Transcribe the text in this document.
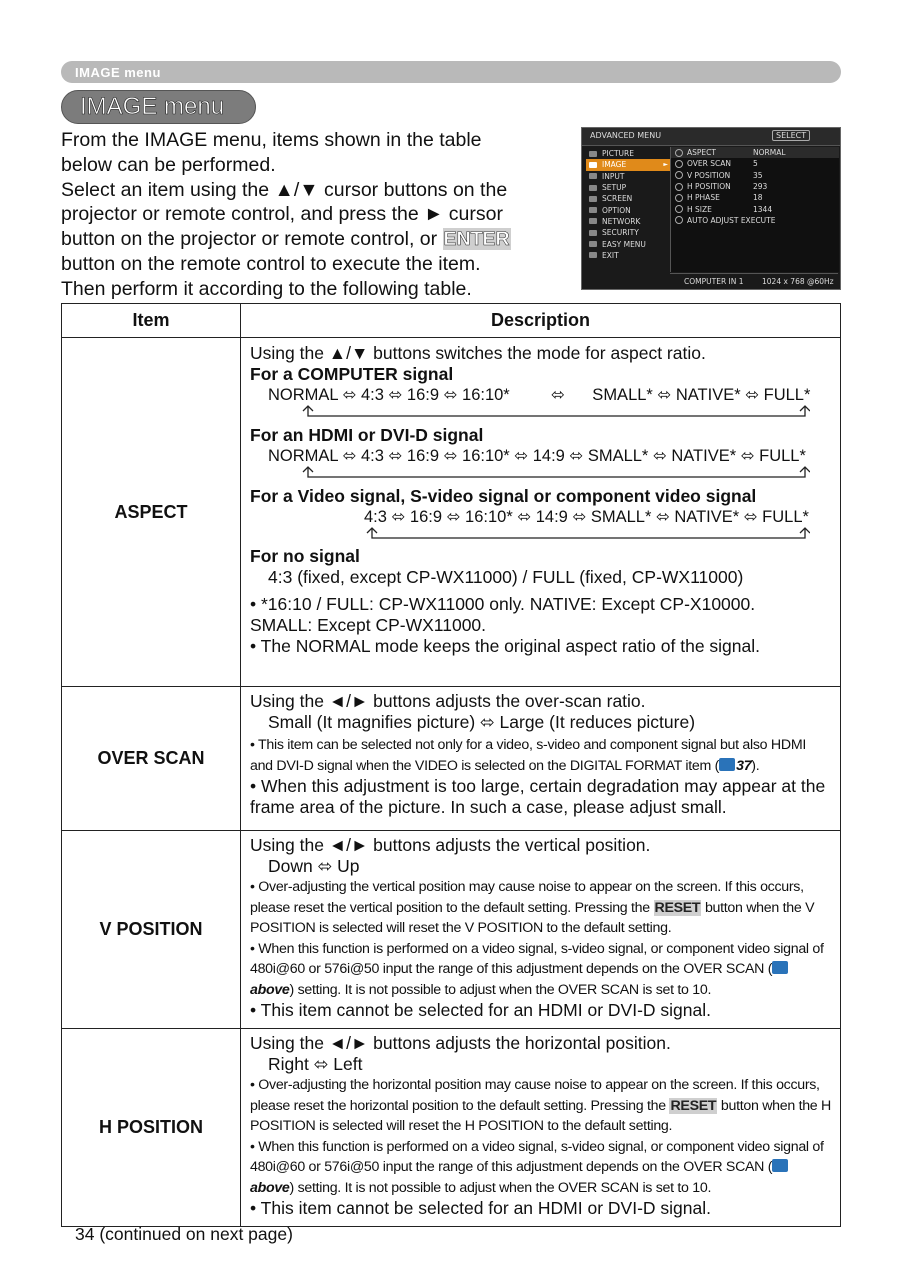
IMAGE menu
IMAGE menu
From the IMAGE menu, items shown in the table
below can be performed.
Select an item using the ▲/▼ cursor buttons on the
projector or remote control, and press the ► cursor
button on the projector or remote control, or ENTER
button on the remote control to execute the item.
Then perform it according to the following table.
ADVANCED MENU	SELECT
PICTURE
IMAGE	►
INPUT
SETUP
SCREEN
OPTION
NETWORK
SECURITY
EASY MENU
EXIT
ASPECT	NORMAL
OVER SCAN	5
V POSITION	35
H POSITION	293
H PHASE	18
H SIZE	1344
AUTO ADJUST EXECUTE
COMPUTER IN 1 1024 x 768 @60Hz
Item	Description
ASPECT
Using the ▲/▼ buttons switches the mode for aspect ratio.
For a COMPUTER signal
NORMAL ⬄ 4:3 ⬄ 16:9 ⬄ 16:10*         ⬄      SMALL* ⬄ NATIVE* ⬄ FULL*
For an HDMI or DVI-D signal
NORMAL ⬄ 4:3 ⬄ 16:9 ⬄ 16:10* ⬄ 14:9 ⬄ SMALL* ⬄ NATIVE* ⬄ FULL*
For a Video signal, S-video signal or component video signal
4:3 ⬄ 16:9 ⬄ 16:10* ⬄ 14:9 ⬄ SMALL* ⬄ NATIVE* ⬄ FULL*
For no signal
4:3 (fixed, except CP-WX11000) / FULL (fixed, CP-WX11000)
• *16:10 / FULL: CP-WX11000 only. NATIVE: Except CP-X10000.
SMALL: Except CP-WX11000.
• The NORMAL mode keeps the original aspect ratio of the signal.
OVER SCAN
Using the ◄/► buttons adjusts the over-scan ratio.
Small (It magnifies picture) ⬄ Large (It reduces picture)
• This item can be selected not only for a video, s-video and component signal but also HDMI and DVI-D signal when the VIDEO is selected on the DIGITAL FORMAT item ( 37).
• When this adjustment is too large, certain degradation may appear at the frame area of the picture. In such a case, please adjust small.
V POSITION
Using the ◄/► buttons adjusts the vertical position.
Down ⬄ Up
• Over-adjusting the vertical position may cause noise to appear on the screen. If this occurs, please reset the vertical position to the default setting. Pressing the RESET button when the V POSITION is selected will reset the V POSITION to the default setting.
• When this function is performed on a video signal, s-video signal, or component video signal of 480i@60 or 576i@50 input the range of this adjustment depends on the OVER SCAN (above) setting. It is not possible to adjust when the OVER SCAN is set to 10.
• This item cannot be selected for an HDMI or DVI-D signal.
H POSITION
Using the ◄/► buttons adjusts the horizontal position.
Right ⬄ Left
• Over-adjusting the horizontal position may cause noise to appear on the screen. If this occurs, please reset the horizontal position to the default setting. Pressing the RESET button when the H POSITION is selected will reset the H POSITION to the default setting.
• When this function is performed on a video signal, s-video signal, or component video signal of 480i@60 or 576i@50 input the range of this adjustment depends on the OVER SCAN (above) setting. It is not possible to adjust when the OVER SCAN is set to 10.
• This item cannot be selected for an HDMI or DVI-D signal.
34 (continued on next page)
